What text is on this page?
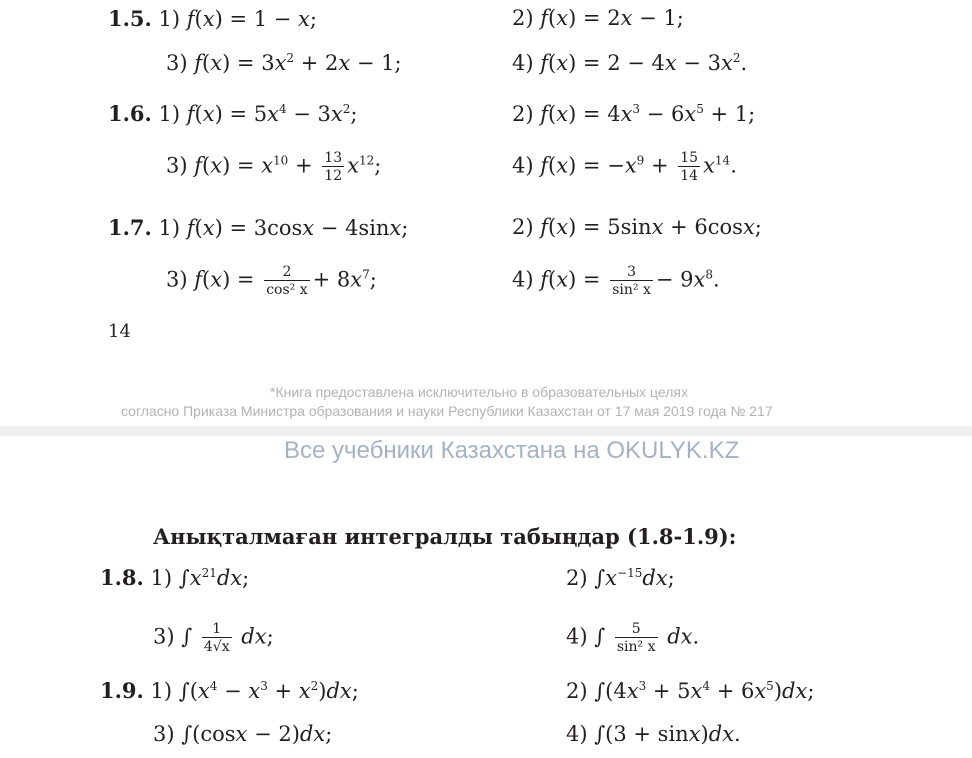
1.5. 1) f(x) = 1 − x;	2) f(x) = 2x − 1;
3) $f(x) = 3x^2 + 2x - 1$;	4) $f(x) = 2 - 4x - 3x^2$.
1.6. 1) $f(x) = 5x^4 - 3x^2$;	2) $f(x) = 4x^3 - 6x^5 + 1$;
3) $f(x) = x^{10} + \frac{13}{12} x^{12}$;	4) $f(x) = -x^9 + \frac{15}{14} x^{14}$.
1.7. 1) f(x) = 3cosx − 4sinx;	2) f(x) = 5sinx + 6cosx;
3) $f(x) = \frac{2}{\text{cos² x}} + 8x^7$;	4) $f(x) = \frac{3}{\text{sin² x}} - 9x^8$.
14
*Книга предоставлена исключительно в образовательных целях
согласно Приказа Министра образования и науки Республики Казахстан от 17 мая 2019 года № 217
Все учебники Казахстана на OKULYK.KZ
Анықталмаған интегралды табыңдар (1.8-1.9):
1.8. 1) $\int x^{21}dx$;	2) $\int x^{-15}dx$;
3) ∫ $\frac{1}{4√x}$ dx;	4) ∫ $\frac{5}{\text{sin² x}}$ dx.
1.9. 1) $\int(x^4 - x^3 + x^2)dx$;	2) $\int(4x^3 + 5x^4 + 6x^5)dx$;
3) ∫(cosx − 2)dx;	4) ∫(3 + sinx)dx.
